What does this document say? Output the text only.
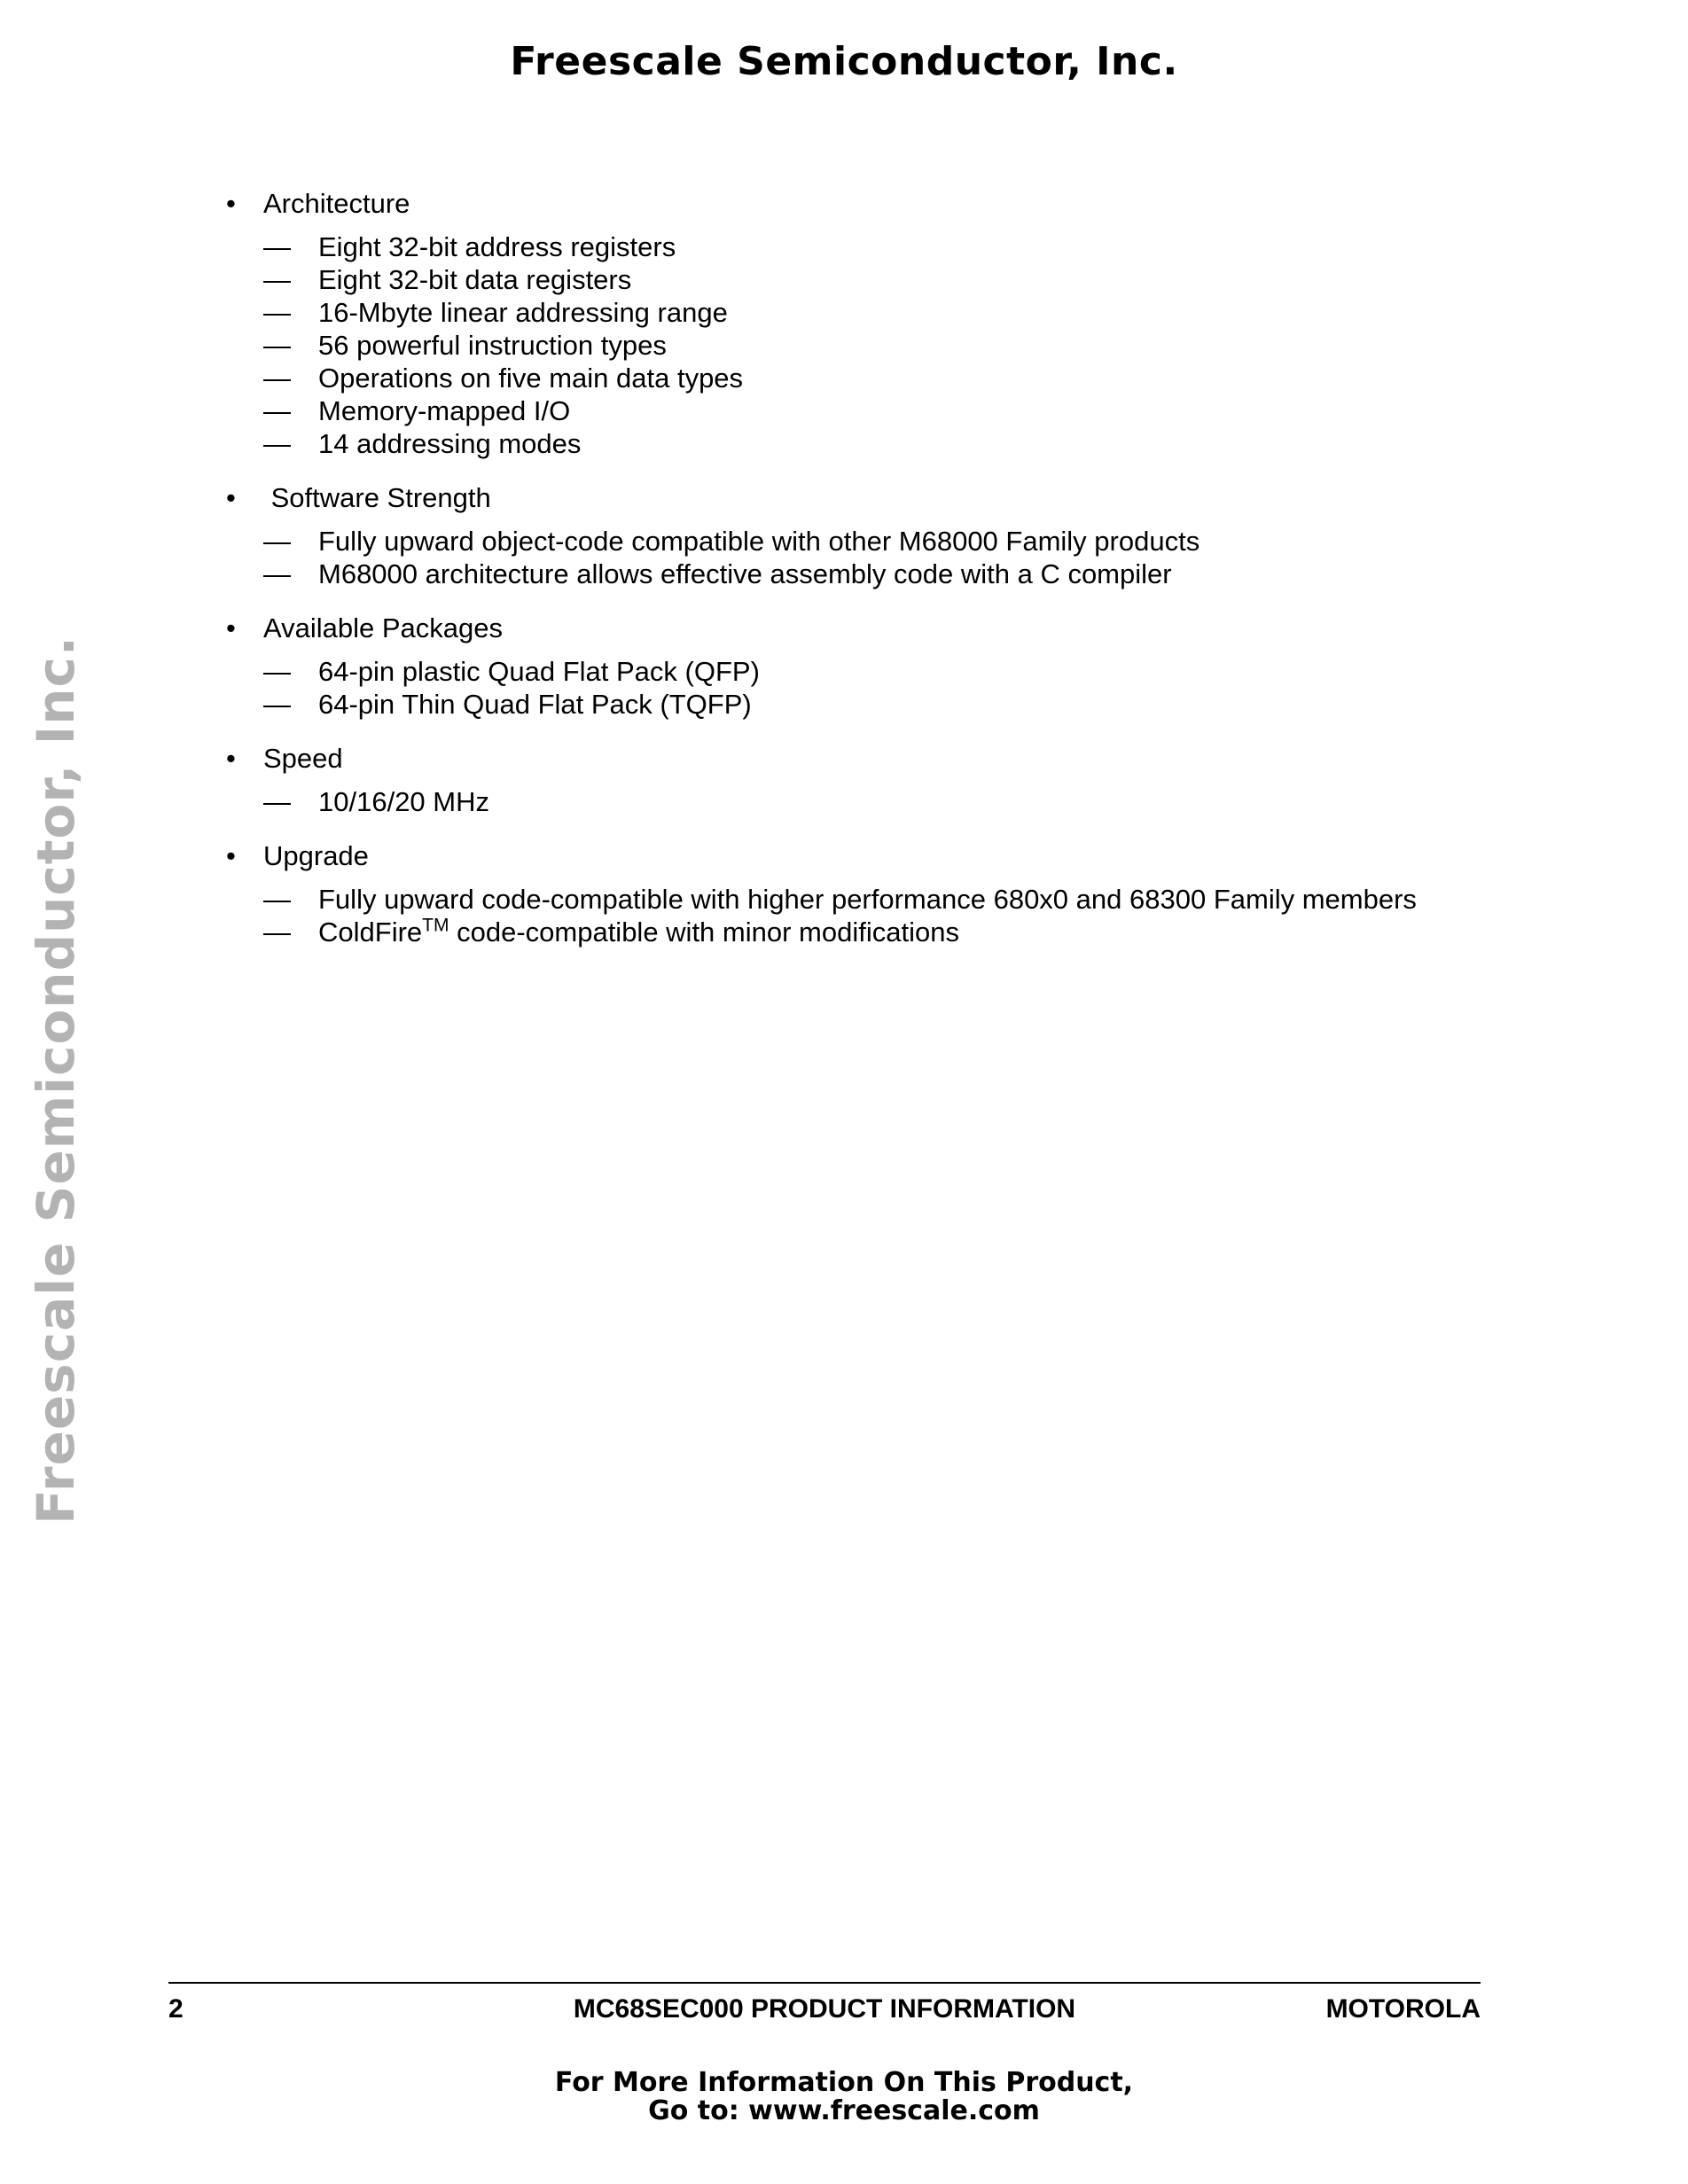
Freescale Semiconductor, Inc.
Freescale Semiconductor, Inc.
•	Architecture
—	Eight 32-bit address registers
—	Eight 32-bit data registers
—	16-Mbyte linear addressing range
—	56 powerful instruction types
—	Operations on five main data types
—	Memory-mapped I/O
—	14 addressing modes
•	Software Strength
—	Fully upward object-code compatible with other M68000 Family products
—	M68000 architecture allows effective assembly code with a C compiler
•	Available Packages
—	64-pin plastic Quad Flat Pack (QFP)
—	64-pin Thin Quad Flat Pack (TQFP)
•	Speed
—	10/16/20 MHz
•	Upgrade
—	Fully upward code-compatible with higher performance 680x0 and 68300 Family members
—	ColdFire™ code-compatible with minor modifications
2	MC68SEC000 PRODUCT INFORMATION	MOTOROLA
For More Information On This Product,
Go to: www.freescale.com
